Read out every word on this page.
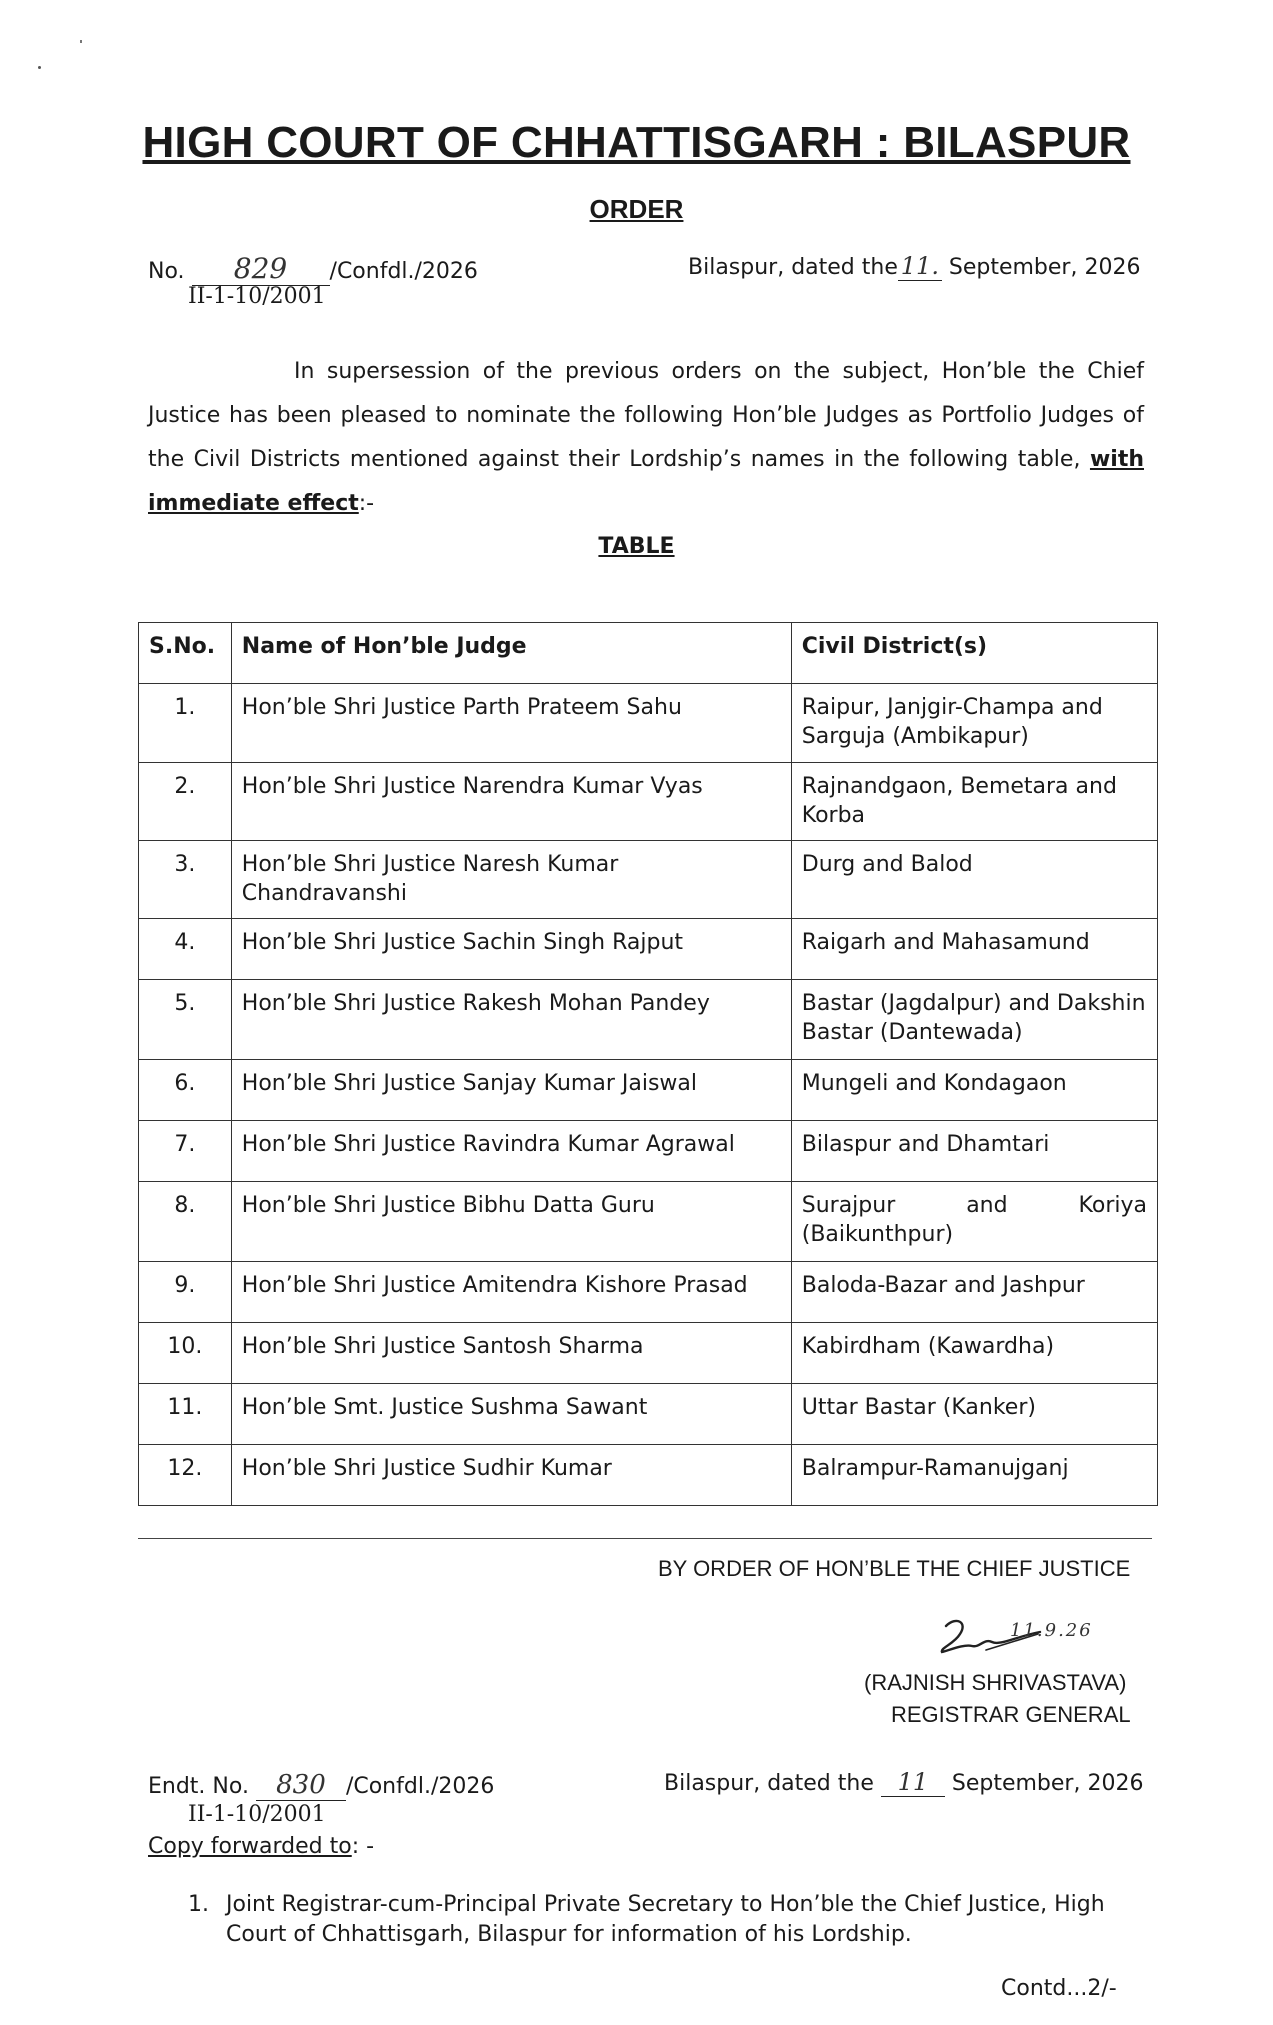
HIGH COURT OF CHHATTISGARH : BILASPUR
ORDER
No. 829 /Confdl./2026
II-1-10/2001
Bilaspur, dated the 11. September, 2026
In supersession of the previous orders on the subject, Hon’ble the Chief Justice has been pleased to nominate the following Hon’ble Judges as Portfolio Judges of the Civil Districts mentioned against their Lordship’s names in the following table, with immediate effect:-
TABLE
S.No.	Name of Hon’ble Judge	Civil District(s)
1.	Hon’ble Shri Justice Parth Prateem Sahu	Raipur, Janjgir-Champa and Sarguja (Ambikapur)
2.	Hon’ble Shri Justice Narendra Kumar Vyas	Rajnandgaon, Bemetara and Korba
3.	Hon’ble Shri Justice Naresh Kumar Chandravanshi	Durg and Balod
4.	Hon’ble Shri Justice Sachin Singh Rajput	Raigarh and Mahasamund
5.	Hon’ble Shri Justice Rakesh Mohan Pandey	Bastar (Jagdalpur) and Dakshin Bastar (Dantewada)
6.	Hon’ble Shri Justice Sanjay Kumar Jaiswal	Mungeli and Kondagaon
7.	Hon’ble Shri Justice Ravindra Kumar Agrawal	Bilaspur and Dhamtari
8.	Hon’ble Shri Justice Bibhu Datta Guru	Surajpur and Koriya (Baikunthpur)
9.	Hon’ble Shri Justice Amitendra Kishore Prasad	Baloda-Bazar and Jashpur
10.	Hon’ble Shri Justice Santosh Sharma	Kabirdham (Kawardha)
11.	Hon’ble Smt. Justice Sushma Sawant	Uttar Bastar (Kanker)
12.	Hon’ble Shri Justice Sudhir Kumar	Balrampur-Ramanujganj
BY ORDER OF HON’BLE THE CHIEF JUSTICE
11.9.26
(RAJNISH SHRIVASTAVA)
REGISTRAR GENERAL
Endt. No. 830 /Confdl./2026
II-1-10/2001
Bilaspur, dated the 11 September, 2026
Copy forwarded to: -
1. Joint Registrar-cum-Principal Private Secretary to Hon’ble the Chief Justice, High Court of Chhattisgarh, Bilaspur for information of his Lordship.
Contd...2/-
